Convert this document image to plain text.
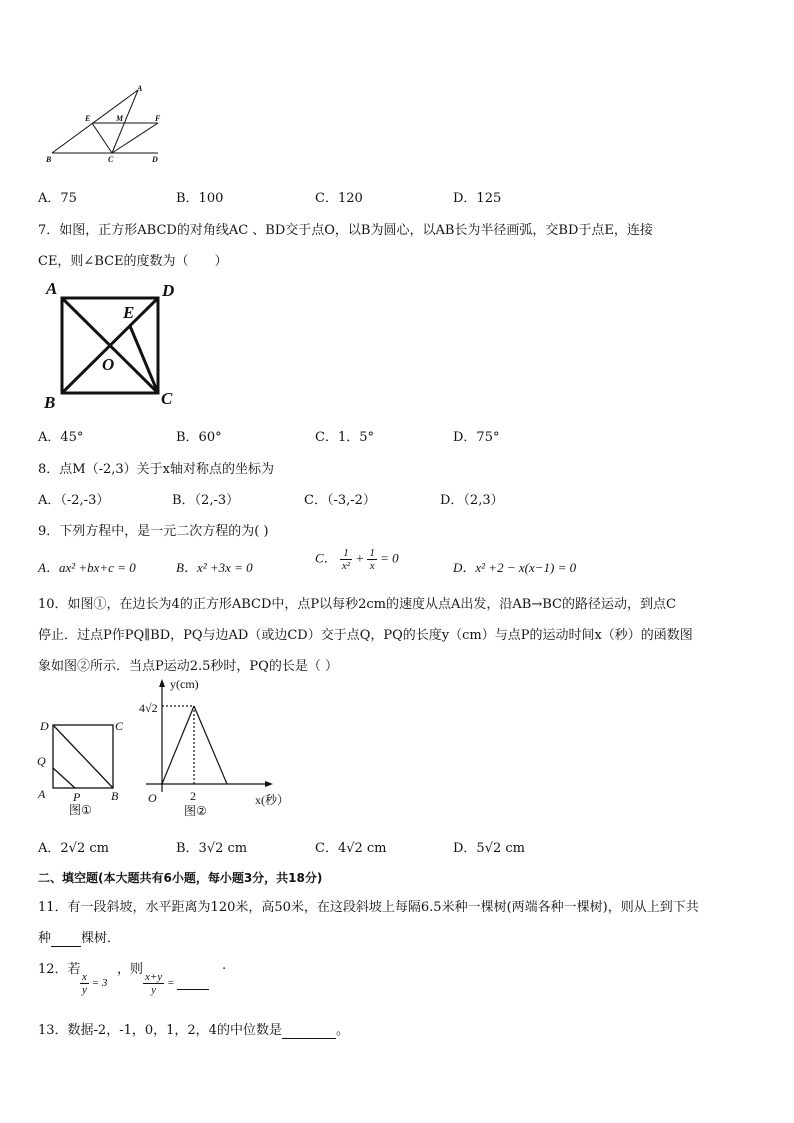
A
E	M	F
B	C	D
A．75	B．100	C．120	D．125
7．如图，正方形ABCD的对角线AC 、BD交于点O，以B为圆心，以AB长为半径画弧，交BD于点E，连接
CE，则∠BCE的度数为（　　）
A	D
E
O
B	C
A．45°	B．60°	C．1．5°	D．75°
8．点M（-2,3）关于x轴对称点的坐标为
A．（-2,-3）	B．（2,-3）	C．（-3,-2）	D．（2,3）
9．下列方程中，是一元二次方程的为( )
A．ax² +bx+c = 0	B．x² +3x = 0
C． $\frac{1}{\text{x²}} + \frac{1}{x} = 0$
D．x² +2 − x(x−1) = 0
10．如图①，在边长为4的正方形ABCD中，点P以每秒2cm的速度从点A出发，沿AB→BC的路径运动，到点C
停止．过点P作PQ∥BD，PQ与边AD（或边CD）交于点Q，PQ的长度y（cm）与点P的运动时间x（秒）的函数图
象如图②所示．当点P运动2.5秒时，PQ的长是（ ）
D	C
Q
A P	B
图①
y(cm)
4√2
O	2	x(秒）
图②
A．2√2 cm	B．3√2 cm	C．4√2 cm	D．5√2 cm
二、填空题(本大题共有6小题，每小题3分，共18分)
11．有一段斜坡，水平距离为120米，高50米，在这段斜坡上每隔6.5米种一棵树(两端各种一棵树)，则从上到下共
种 棵树．
12．若
$\frac{x}{y} = 3$
，则
$\frac{x+y}{y}$ =
.
13．数据-2，-1，0，1，2，4的中位数是	。
